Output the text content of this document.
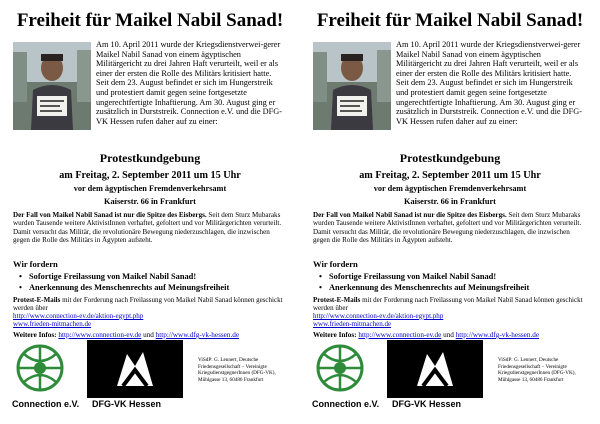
Freiheit für Maikel Nabil Sanad!

Am 10. April 2011 wurde der Kriegsdienstverwei-gerer Maikel Nabil Sanad von einem ägyptischen Militärgericht zu drei Jahren Haft verurteilt, weil er als einer der ersten die Rolle des Militärs kritisiert hatte. Seit dem 23. August befindet er sich im Hungerstreik und protestiert damit gegen seine fortgesetzte ungerechtfertigte Inhaftierung. Am 30. August ging er zusätzlich in Durststreik. Connection e.V. und die DFG-VK Hessen rufen daher auf zu einer:

Protestkundgebung
am Freitag, 2. September 2011 um 15 Uhr
vor dem ägyptischen Fremdenverkehrsamt
Kaiserstr. 66 in Frankfurt
Der Fall von Maikel Nabil Sanad ist nur die Spitze des Eisbergs. Seit dem Sturz Mubaraks wurden Tausende weitere AktivistInnen verhaftet, gefoltert und vor Militärgerichten verurteilt. Damit versucht das Militär, die revolutionäre Bewegung niederzuschlagen, die inzwischen gegen die Rolle des Militärs in Ägypten aufsteht.
Wir fordern
• Sofortige Freilassung von Maikel Nabil Sanad!
• Anerkennung des Menschenrechts auf Meinungsfreiheit
Protest-E-Mails mit der Forderung nach Freilassung von Maikel Nabil Sanad können geschickt werden über
http://www.connection-ev.de/aktion-egypt.php
www.frieden-mitmachen.de
Weitere Infos: http://www.connection-ev.de und http://www.dfg-vk-hessen.de
Connection e.V. DFG-VK Hessen
ViSdP: G. Lennert, Deutsche Friedensgesellschaft – Vereinigte KriegsdienstgegnerInnen (DFG-VK), Mühlgasse 13, 60486 Frankfurt
Freiheit für Maikel Nabil Sanad!

Am 10. April 2011 wurde der Kriegsdienstverwei-gerer Maikel Nabil Sanad von einem ägyptischen Militärgericht zu drei Jahren Haft verurteilt, weil er als einer der ersten die Rolle des Militärs kritisiert hatte. Seit dem 23. August befindet er sich im Hungerstreik und protestiert damit gegen seine fortgesetzte ungerechtfertigte Inhaftierung. Am 30. August ging er zusätzlich in Durststreik. Connection e.V. und die DFG-VK Hessen rufen daher auf zu einer:

Protestkundgebung
am Freitag, 2. September 2011 um 15 Uhr
vor dem ägyptischen Fremdenverkehrsamt
Kaiserstr. 66 in Frankfurt
Der Fall von Maikel Nabil Sanad ist nur die Spitze des Eisbergs. Seit dem Sturz Mubaraks wurden Tausende weitere AktivistInnen verhaftet, gefoltert und vor Militärgerichten verurteilt. Damit versucht das Militär, die revolutionäre Bewegung niederzuschlagen, die inzwischen gegen die Rolle des Militärs in Ägypten aufsteht.
Wir fordern
• Sofortige Freilassung von Maikel Nabil Sanad!
• Anerkennung des Menschenrechts auf Meinungsfreiheit
Protest-E-Mails mit der Forderung nach Freilassung von Maikel Nabil Sanad können geschickt werden über
http://www.connection-ev.de/aktion-egypt.php
www.frieden-mitmachen.de
Weitere Infos: http://www.connection-ev.de und http://www.dfg-vk-hessen.de
Connection e.V. DFG-VK Hessen
ViSdP: G. Lennert, Deutsche Friedensgesellschaft – Vereinigte KriegsdienstgegnerInnen (DFG-VK), Mühlgasse 13, 60486 Frankfurt
